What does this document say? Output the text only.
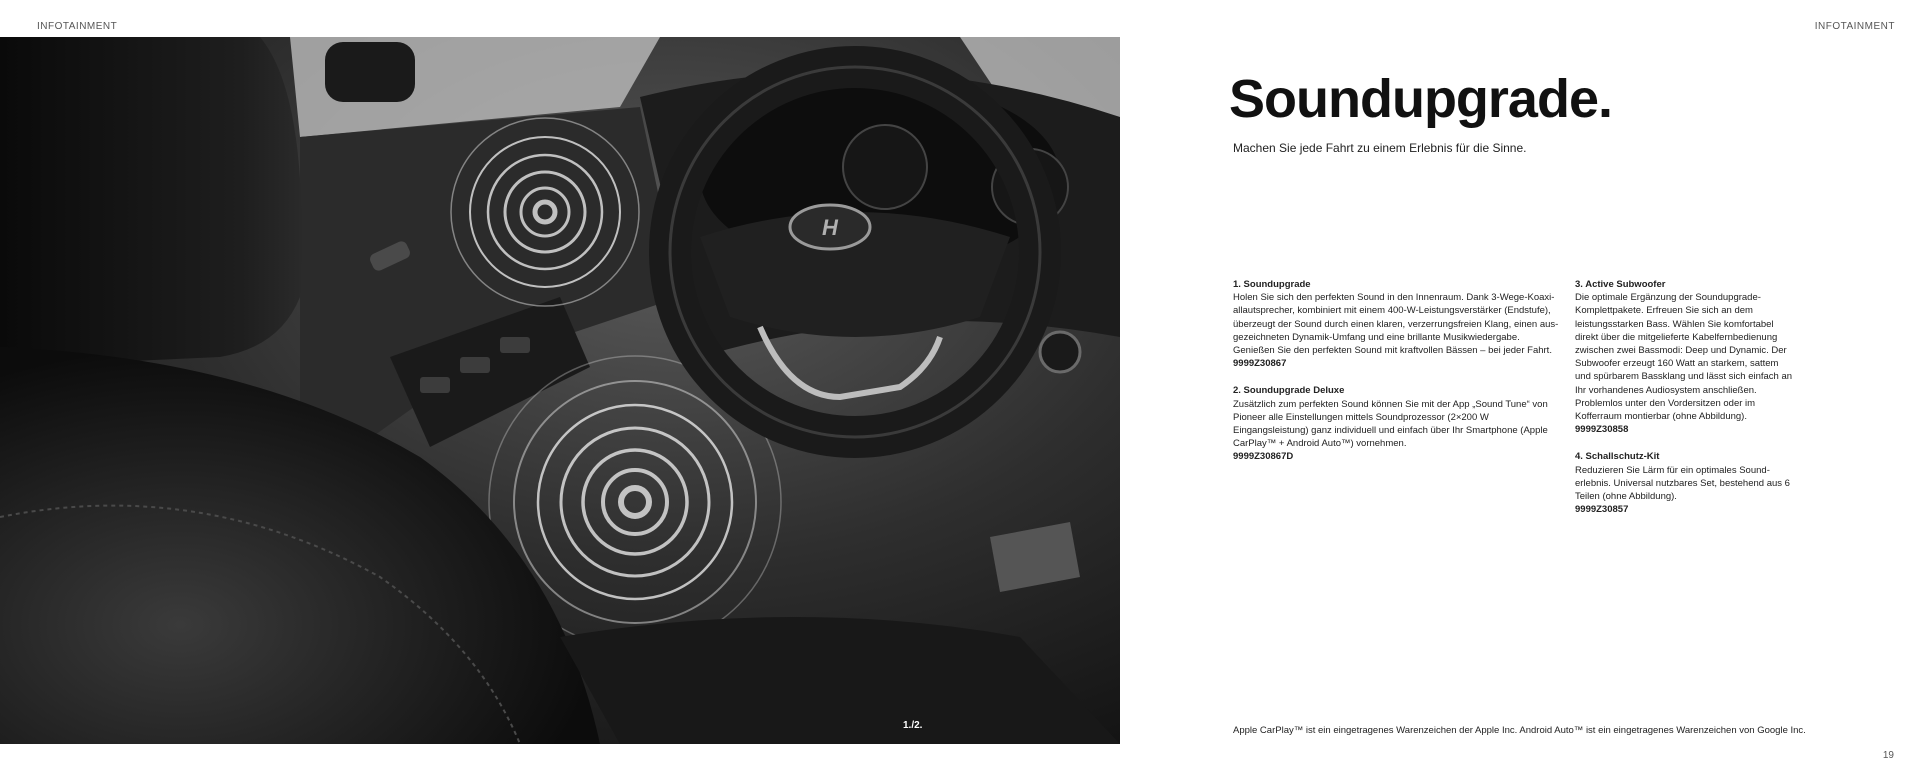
INFOTAINMENT	INFOTAINMENT
H
1./2.
Soundupgrade.
Machen Sie jede Fahrt zu einem Erlebnis für die Sinne.
1. Soundupgrade
Holen Sie sich den perfekten Sound in den Innenraum. Dank 3-Wege-Koaxi-allautsprecher, kombiniert mit einem 400-W-Leistungsverstärker (Endstufe), überzeugt der Sound durch einen klaren, verzerrungsfreien Klang, einen aus-gezeichneten Dynamik-Umfang und eine brillante Musikwiedergabe. Genießen Sie den perfekten Sound mit kraftvollen Bässen – bei jeder Fahrt.
9999Z30867
2. Soundupgrade Deluxe
Zusätzlich zum perfekten Sound können Sie mit der App „Sound Tune“ von Pioneer alle Einstellungen mittels Soundprozessor (2×200 W Eingangsleistung) ganz individuell und einfach über Ihr Smartphone (Apple CarPlay™ + Android Auto™) vornehmen.
9999Z30867D
3. Active Subwoofer
Die optimale Ergänzung der Soundupgrade-Komplettpakete. Erfreuen Sie sich an dem leistungsstarken Bass. Wählen Sie komfortabel direkt über die mitgelieferte Kabelfernbedienung zwischen zwei Bassmodi: Deep und Dynamic. Der Subwoofer erzeugt 160 Watt an starkem, sattem und spürbarem Bassklang und lässt sich einfach an Ihr vorhandenes Audiosystem anschließen. Problemlos unter den Vordersitzen oder im Kofferraum montierbar (ohne Abbildung).
9999Z30858
4. Schallschutz-Kit
Reduzieren Sie Lärm für ein optimales Sound-erlebnis. Universal nutzbares Set, bestehend aus 6 Teilen (ohne Abbildung).
9999Z30857
Apple CarPlay™ ist ein eingetragenes Warenzeichen der Apple Inc. Android Auto™ ist ein eingetragenes Warenzeichen von Google Inc.
19
